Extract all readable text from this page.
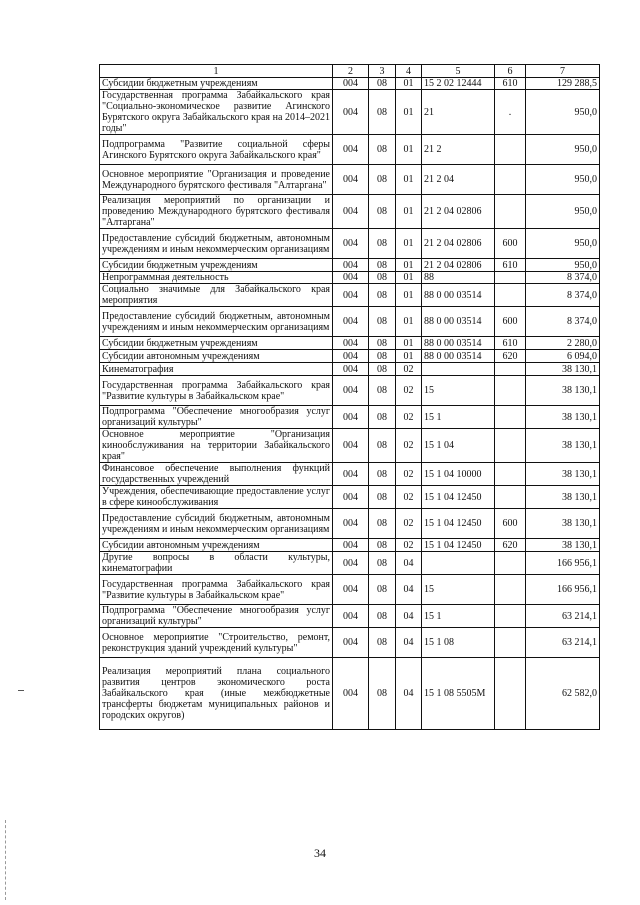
1	2	3	4	5	6	7
Субсидии бюджетным учреждениям	004	08	01	15 2 02 12444	610	129 288,5
Государственная программа Забайкальского края "Социально-экономическое развитие Агинского Бурятского округа Забайкальского края на 2014–2021 годы"	004	08	01	21	.	950,0
Подпрограмма "Развитие социальной сферы Агинского Бурятского округа Забайкальского края"	004	08	01	21 2		950,0
Основное мероприятие "Организация и проведение Международного бурятского фестиваля "Алтаргана"	004	08	01	21 2 04		950,0
Реализация мероприятий по организации и проведению Международного бурятского фестиваля "Алтаргана"	004	08	01	21 2 04 02806		950,0
Предоставление субсидий бюджетным, автономным учреждениям и иным некоммерческим организациям	004	08	01	21 2 04 02806	600	950,0
Субсидии бюджетным учреждениям	004	08	01	21 2 04 02806	610	950,0
Непрограммная деятельность	004	08	01	88		8 374,0
Социально значимые для Забайкальского края мероприятия	004	08	01	88 0 00 03514		8 374,0
Предоставление субсидий бюджетным, автономным учреждениям и иным некоммерческим организациям	004	08	01	88 0 00 03514	600	8 374,0
Субсидии бюджетным учреждениям	004	08	01	88 0 00 03514	610	2 280,0
Субсидии автономным учреждениям	004	08	01	88 0 00 03514	620	6 094,0
Кинематография	004	08	02			38 130,1
Государственная программа Забайкальского края "Развитие культуры в Забайкальском крае"	004	08	02	15		38 130,1
Подпрограмма "Обеспечение многообразия услуг организаций культуры"	004	08	02	15 1		38 130,1
Основное мероприятие "Организация кинообслуживания на территории Забайкальского края"	004	08	02	15 1 04		38 130,1
Финансовое обеспечение выполнения функций государственных учреждений	004	08	02	15 1 04 10000		38 130,1
Учреждения, обеспечивающие предоставление услуг в сфере кинообслуживания	004	08	02	15 1 04 12450		38 130,1
Предоставление субсидий бюджетным, автономным учреждениям и иным некоммерческим организациям	004	08	02	15 1 04 12450	600	38 130,1
Субсидии автономным учреждениям	004	08	02	15 1 04 12450	620	38 130,1
Другие вопросы в области культуры, кинематографии	004	08	04			166 956,1
Государственная программа Забайкальского края "Развитие культуры в Забайкальском крае"	004	08	04	15		166 956,1
Подпрограмма "Обеспечение многообразия услуг организаций культуры"	004	08	04	15 1		63 214,1
Основное мероприятие "Строительство, ремонт, реконструкция зданий учреждений культуры"	004	08	04	15 1 08		63 214,1
Реализация мероприятий плана социального развития центров экономического роста Забайкальского края (иные межбюджетные трансферты бюджетам муниципальных районов и городских округов)	004	08	04	15 1 08 5505M		62 582,0
34
